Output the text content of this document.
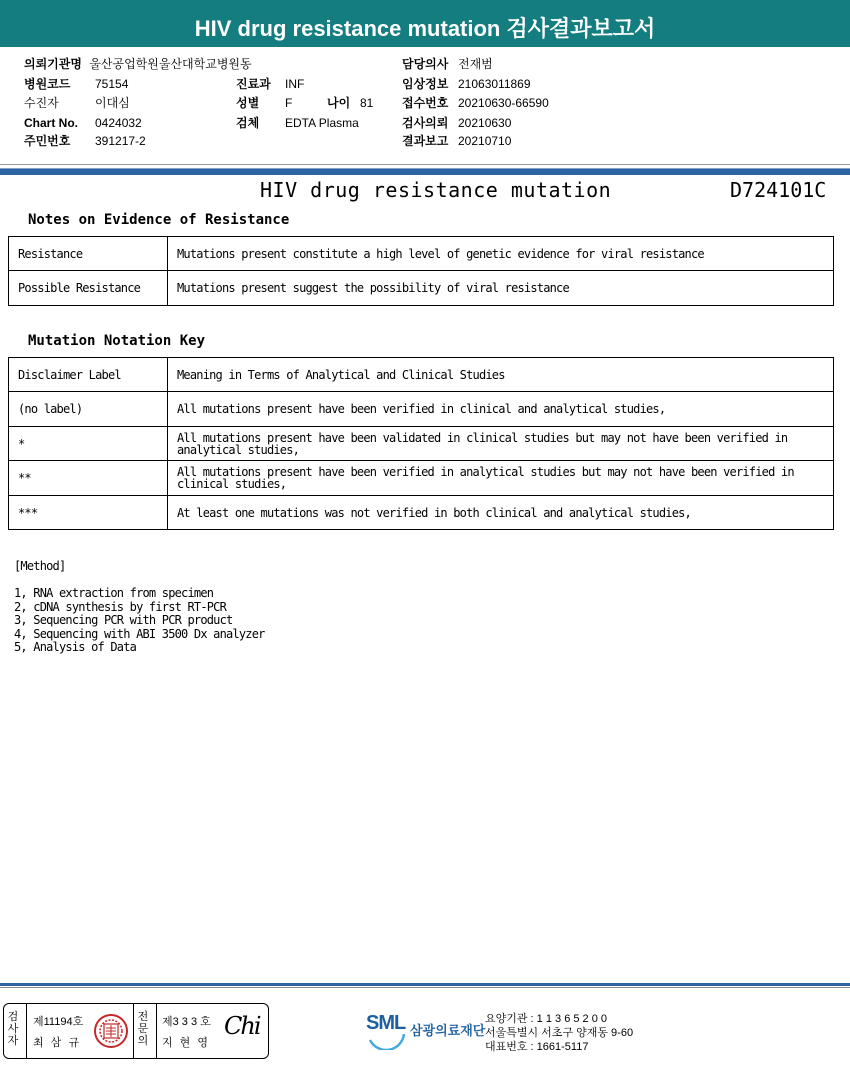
HIV drug resistance mutation 검사결과보고서
의뢰기관명 울산공업학원울산대학교병원동
병원코드 75154
수진자	이대심
Chart No. 0424032
주민번호 391217-2
진료과 INF
성별 F	나이 81
검체 EDTA Plasma
담당의사 전재범
임상정보 21063011869
접수번호 20210630-66590
검사의뢰 20210630
결과보고 20210710
HIV drug resistance mutation	D724101C
Notes on Evidence of Resistance
Resistance	Mutations present constitute a high level of genetic evidence for viral resistance
Possible Resistance	Mutations present suggest the possibility of viral resistance
Mutation Notation Key
Disclaimer Label	Meaning in Terms of Analytical and Clinical Studies
(no label)	All mutations present have been verified in clinical and analytical studies,
*	All mutations present have been validated in clinical studies but may not have been verified in analytical studies,
**	All mutations present have been verified in analytical studies but may not have been verified in clinical studies,
***	At least one mutations was not verified in both clinical and analytical studies,
[Method]
1, RNA extraction from specimen
2, cDNA synthesis by first RT-PCR
3, Sequencing PCR with PCR product
4, Sequencing with ABI 3500 Dx analyzer
5, Analysis of Data
검사자
제11194호
최 삼 규
전문의
제3 3 3 호
지 현 영
Chi	SML 삼광의료재단
요양기관 : 1 1 3 6 5 2 0 0
서울특별시 서초구 양재동 9-60
대표번호 : 1661-5117
